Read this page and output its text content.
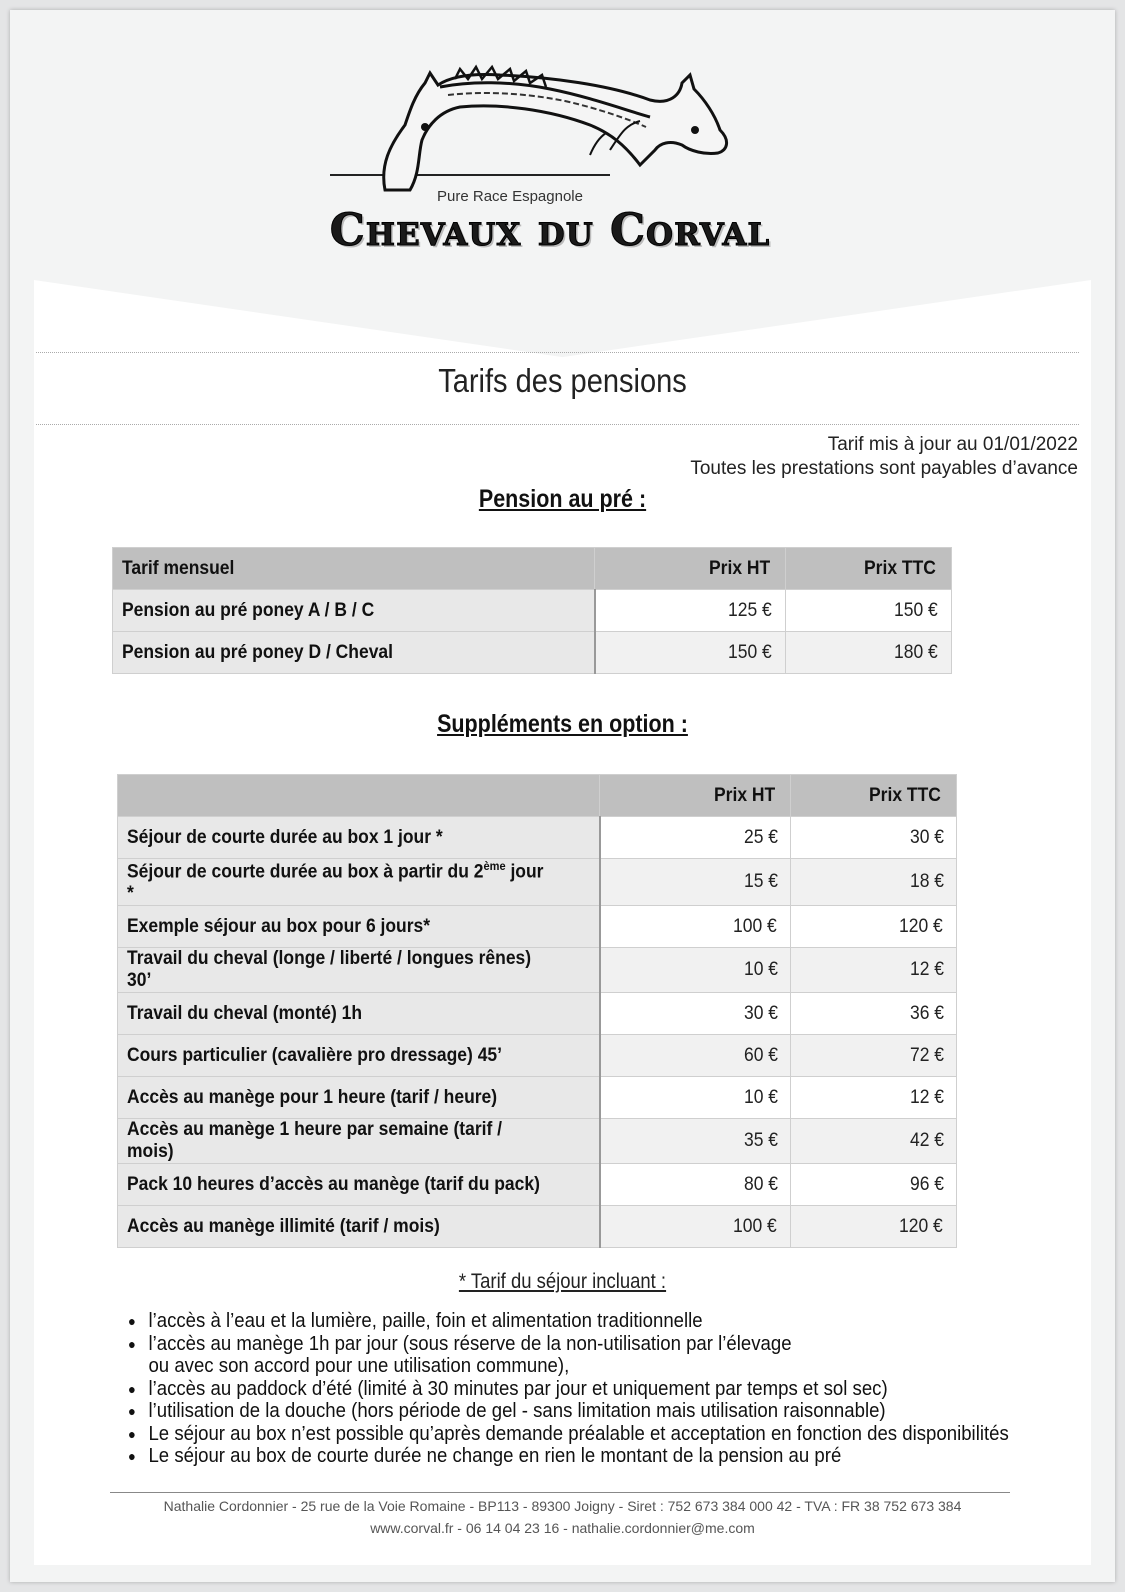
Pure Race Espagnole
Chevaux du Corval
Tarifs des pensions
Tarif mis à jour au 01/01/2022
Toutes les prestations sont payables d’avance
Pension au pré :
Tarif mensuel	Prix HT	Prix TTC
Pension au pré poney A / B / C	125 €	150 €
Pension au pré poney D / Cheval	150 €	180 €
Suppléments en option :
	Prix HT	Prix TTC
Séjour de courte durée au box 1 jour *	25 €	30 €
Séjour de courte durée au box à partir du 2ème jour *	15 €	18 €
Exemple séjour au box pour 6 jours*	100 €	120 €
Travail du cheval (longe / liberté / longues rênes) 30’	10 €	12 €
Travail du cheval (monté) 1h	30 €	36 €
Cours particulier (cavalière pro dressage) 45’	60 €	72 €
Accès au manège pour 1 heure (tarif / heure)	10 €	12 €
Accès au manège 1 heure par semaine (tarif / mois)	35 €	42 €
Pack 10 heures d’accès au manège (tarif du pack)	80 €	96 €
Accès au manège illimité (tarif / mois)	100 €	120 €
* Tarif du séjour incluant :
● l’accès à l’eau et la lumière, paille, foin et alimentation traditionnelle
● l’accès au manège 1h par jour (sous réserve de la non-utilisation par l’élevage
ou avec son accord pour une utilisation commune),
● l’accès au paddock d’été (limité à 30 minutes par jour et uniquement par temps et sol sec)
● l’utilisation de la douche (hors période de gel - sans limitation mais utilisation raisonnable)
● Le séjour au box n’est possible qu’après demande préalable et acceptation en fonction des disponibilités
● Le séjour au box de courte durée ne change en rien le montant de la pension au pré
Nathalie Cordonnier - 25 rue de la Voie Romaine - BP113 - 89300 Joigny - Siret : 752 673 384 000 42 - TVA : FR 38 752 673 384
www.corval.fr - 06 14 04 23 16 - nathalie.cordonnier@me.com
